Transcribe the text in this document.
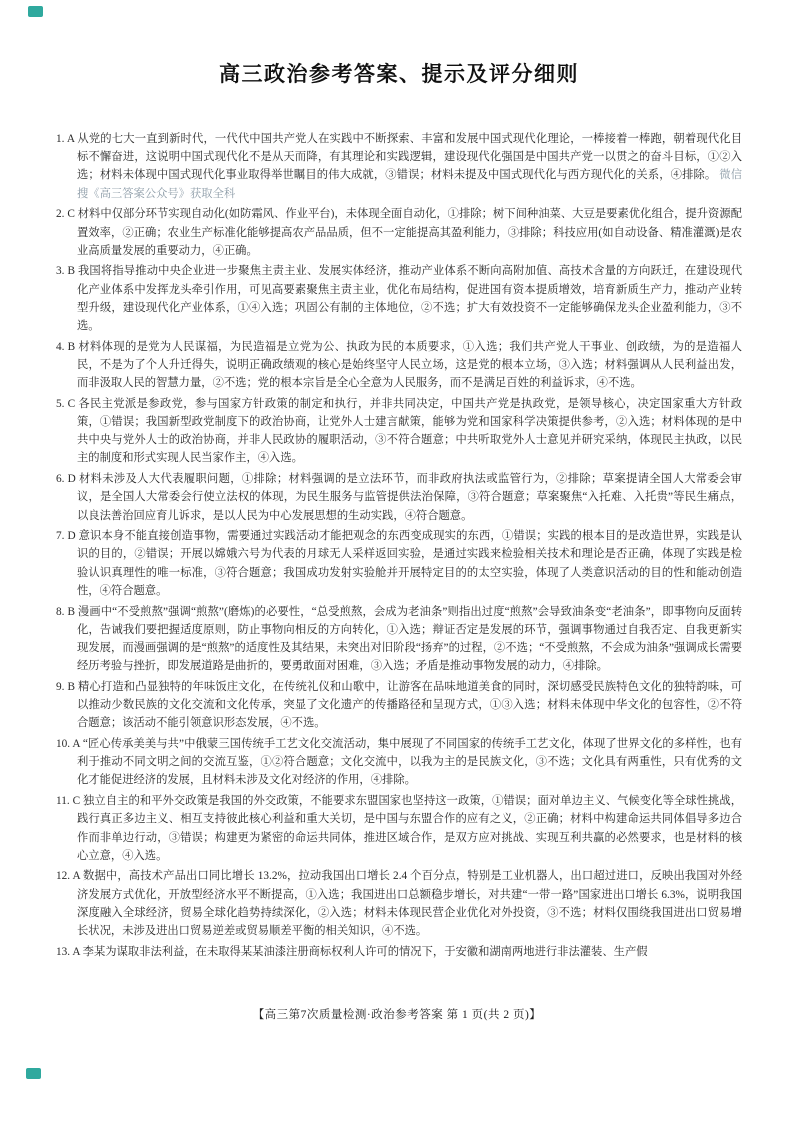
高三政治参考答案、提示及评分细则
1. A 从党的七大一直到新时代，一代代中国共产党人在实践中不断探索、丰富和发展中国式现代化理论，一棒接着一棒跑，朝着现代化目标不懈奋进，这说明中国式现代化不是从天而降，有其理论和实践逻辑，建设现代化强国是中国共产党一以贯之的奋斗目标，①②入选；材料未体现中国式现代化事业取得举世瞩目的伟大成就，③错误；材料未提及中国式现代化与西方现代化的关系，④排除。 微信搜《高三答案公众号》获取全科
2. C 材料中仅部分环节实现自动化(如防霜风、作业平台)，未体现全面自动化，①排除；树下间种油菜、大豆是要素优化组合，提升资源配置效率，②正确；农业生产标准化能够提高农产品品质，但不一定能提高其盈利能力，③排除；科技应用(如自动设备、精准灌溉)是农业高质量发展的重要动力，④正确。
3. B 我国将指导推动中央企业进一步聚焦主责主业、发展实体经济，推动产业体系不断向高附加值、高技术含量的方向跃迁，在建设现代化产业体系中发挥龙头牵引作用，可见高要素聚焦主责主业，优化布局结构，促进国有资本提质增效，培育新质生产力，推动产业转型升级，建设现代化产业体系，①④入选；巩固公有制的主体地位，②不选；扩大有效投资不一定能够确保龙头企业盈利能力，③不选。
4. B 材料体现的是党为人民谋福，为民造福是立党为公、执政为民的本质要求，①入选；我们共产党人干事业、创政绩，为的是造福人民，不是为了个人升迁得失，说明正确政绩观的核心是始终坚守人民立场，这是党的根本立场，③入选；材料强调从人民利益出发，而非汲取人民的智慧力量，②不选；党的根本宗旨是全心全意为人民服务，而不是满足百姓的利益诉求，④不选。
5. C 各民主党派是参政党，参与国家方针政策的制定和执行，并非共同决定，中国共产党是执政党，是领导核心，决定国家重大方针政策，①错误；我国新型政党制度下的政治协商，让党外人士建言献策，能够为党和国家科学决策提供参考，②入选；材料体现的是中共中央与党外人士的政治协商，并非人民政协的履职活动，③不符合题意；中共听取党外人士意见并研究采纳，体现民主执政，以民主的制度和形式实现人民当家作主，④入选。
6. D 材料未涉及人大代表履职问题，①排除；材料强调的是立法环节，而非政府执法或监管行为，②排除；草案提请全国人大常委会审议，是全国人大常委会行使立法权的体现，为民生服务与监管提供法治保障，③符合题意；草案聚焦“入托难、入托贵”等民生痛点，以良法善治回应育儿诉求，是以人民为中心发展思想的生动实践，④符合题意。
7. D 意识本身不能直接创造事物，需要通过实践活动才能把观念的东西变成现实的东西，①错误；实践的根本目的是改造世界，实践是认识的目的，②错误；开展以嫦娥六号为代表的月球无人采样返回实验，是通过实践来检验相关技术和理论是否正确，体现了实践是检验认识真理性的唯一标准，③符合题意；我国成功发射实验舱并开展特定目的的太空实验，体现了人类意识活动的目的性和能动创造性，④符合题意。
8. B 漫画中“不受煎熬”强调“煎熬”(磨炼)的必要性，“总受煎熬，会成为老油条”则指出过度“煎熬”会导致油条变“老油条”，即事物向反面转化，告诫我们要把握适度原则，防止事物向相反的方向转化，①入选；辩证否定是发展的环节，强调事物通过自我否定、自我更新实现发展，而漫画强调的是“煎熬”的适度性及其结果，未突出对旧阶段“扬弃”的过程，②不选；“不受煎熬，不会成为油条”强调成长需要经历考验与挫折，即发展道路是曲折的，要勇敢面对困难，③入选；矛盾是推动事物发展的动力，④排除。
9. B 精心打造和凸显独特的年味饭庄文化，在传统礼仪和山歌中，让游客在品味地道美食的同时，深切感受民族特色文化的独特韵味，可以推动少数民族的文化交流和文化传承，突显了文化遗产的传播路径和呈现方式，①③入选；材料未体现中华文化的包容性，②不符合题意；该活动不能引领意识形态发展，④不选。
10. A “匠心传承美美与共”中俄蒙三国传统手工艺文化交流活动，集中展现了不同国家的传统手工艺文化，体现了世界文化的多样性，也有利于推动不同文明之间的交流互鉴，①②符合题意；文化交流中，以我为主的是民族文化，③不选；文化具有两重性，只有优秀的文化才能促进经济的发展，且材料未涉及文化对经济的作用，④排除。
11. C 独立自主的和平外交政策是我国的外交政策，不能要求东盟国家也坚持这一政策，①错误；面对单边主义、气候变化等全球性挑战，践行真正多边主义、相互支持彼此核心利益和重大关切，是中国与东盟合作的应有之义，②正确；材料中构建命运共同体倡导多边合作而非单边行动，③错误；构建更为紧密的命运共同体，推进区域合作，是双方应对挑战、实现互利共赢的必然要求，也是材料的核心立意，④入选。
12. A 数据中，高技术产品出口同比增长 13.2%，拉动我国出口增长 2.4 个百分点，特别是工业机器人，出口超过进口，反映出我国对外经济发展方式优化，开放型经济水平不断提高，①入选；我国进出口总额稳步增长，对共建“一带一路”国家进出口增长 6.3%，说明我国深度融入全球经济，贸易全球化趋势持续深化，②入选；材料未体现民营企业优化对外投资，③不选；材料仅围绕我国进出口贸易增长状况，未涉及进出口贸易逆差或贸易顺差平衡的相关知识，④不选。
13. A 李某为谋取非法利益，在未取得某某油漆注册商标权利人许可的情况下，于安徽和湖南两地进行非法灌装、生产假
【高三第7次质量检测·政治参考答案 第 1 页(共 2 页)】
